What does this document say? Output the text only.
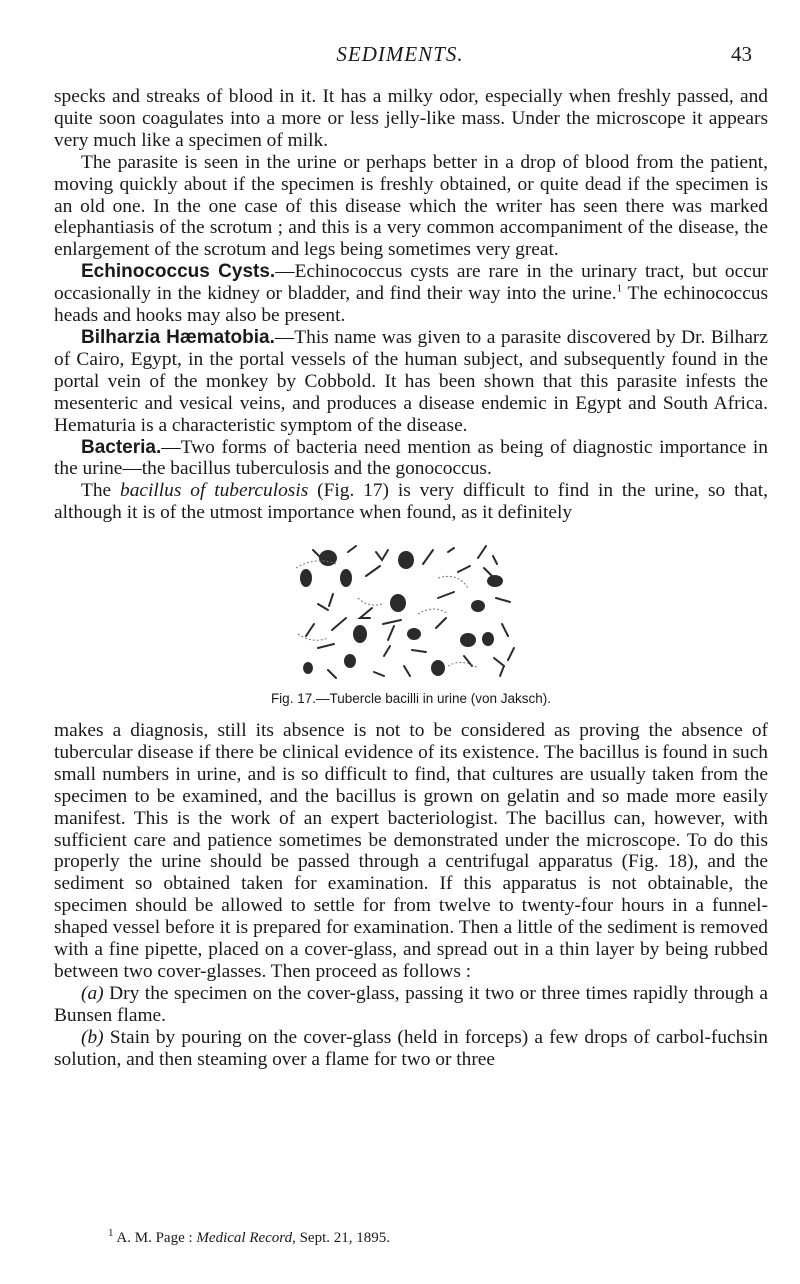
SEDIMENTS.	43

specks and streaks of blood in it. It has a milky odor, especially when freshly passed, and quite soon coagulates into a more or less jelly-like mass. Under the microscope it appears very much like a specimen of milk.

The parasite is seen in the urine or perhaps better in a drop of blood from the patient, moving quickly about if the specimen is freshly obtained, or quite dead if the specimen is an old one. In the one case of this disease which the writer has seen there was marked elephantiasis of the scrotum ; and this is a very common accompaniment of the disease, the enlargement of the scrotum and legs being sometimes very great.

Echinococcus Cysts.—Echinococcus cysts are rare in the urinary tract, but occur occasionally in the kidney or bladder, and find their way into the urine.$^1$ The echinococcus heads and hooks may also be present.

Bilharzia Hæmatobia.—This name was given to a parasite discovered by Dr. Bilharz of Cairo, Egypt, in the portal vessels of the human subject, and subsequently found in the portal vein of the monkey by Cobbold. It has been shown that this parasite infests the mesenteric and vesical veins, and produces a disease endemic in Egypt and South Africa. Hematuria is a characteristic symptom of the disease.

Bacteria.—Two forms of bacteria need mention as being of diagnostic importance in the urine—the bacillus tuberculosis and the gonococcus.

The bacillus of tuberculosis (Fig. 17) is very difficult to find in the urine, so that, although it is of the utmost importance when found, as it definitely

Fig. 17.—Tubercle bacilli in urine (von Jaksch).

makes a diagnosis, still its absence is not to be considered as proving the absence of tubercular disease if there be clinical evidence of its existence. The bacillus is found in such small numbers in urine, and is so difficult to find, that cultures are usually taken from the specimen to be examined, and the bacillus is grown on gelatin and so made more easily manifest. This is the work of an expert bacteriologist. The bacillus can, however, with sufficient care and patience sometimes be demonstrated under the microscope. To do this properly the urine should be passed through a centrifugal apparatus (Fig. 18), and the sediment so obtained taken for examination. If this apparatus is not obtainable, the specimen should be allowed to settle for from twelve to twenty-four hours in a funnel-shaped vessel before it is prepared for examination. Then a little of the sediment is removed with a fine pipette, placed on a cover-glass, and spread out in a thin layer by being rubbed between two cover-glasses. Then proceed as follows :

(a) Dry the specimen on the cover-glass, passing it two or three times rapidly through a Bunsen flame.

(b) Stain by pouring on the cover-glass (held in forceps) a few drops of carbol-fuchsin solution, and then steaming over a flame for two or three

$^1$ A. M. Page : Medical Record, Sept. 21, 1895.
